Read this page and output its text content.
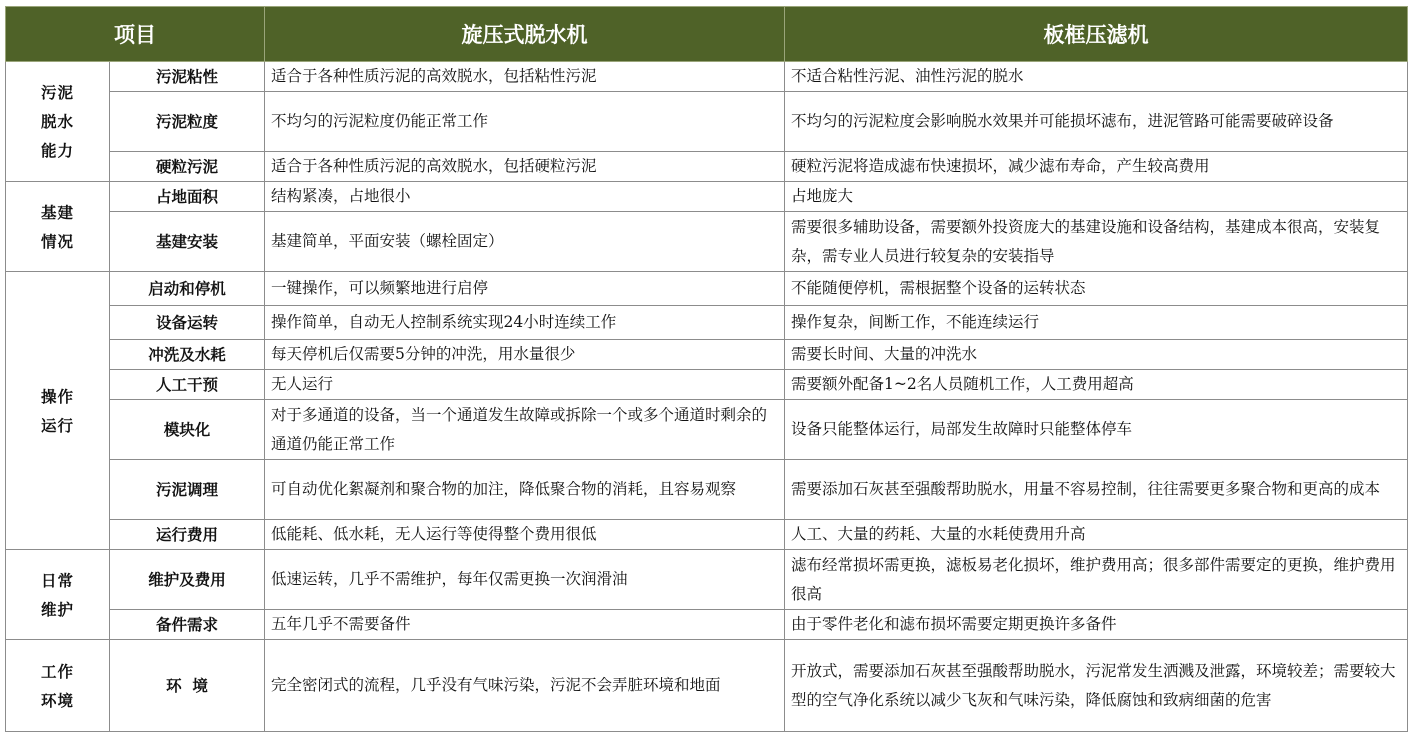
项目		旋压式脱水机	板框压滤机
污泥
脱水
能力	污泥粘性	适合于各种性质污泥的高效脱水，包括粘性污泥	不适合粘性污泥、油性污泥的脱水
	污泥粒度	不均匀的污泥粒度仍能正常工作	不均匀的污泥粒度会影响脱水效果并可能损坏滤布，进泥管路可能需要破碎设备
	硬粒污泥	适合于各种性质污泥的高效脱水，包括硬粒污泥	硬粒污泥将造成滤布快速损坏，减少滤布寿命，产生较高费用
基建
情况	占地面积	结构紧凑，占地很小	占地庞大
	基建安装	基建简单，平面安装（螺栓固定）	需要很多辅助设备，需要额外投资庞大的基建设施和设备结构，基建成本很高，安装复杂，需专业人员进行较复杂的安装指导
操作
运行	启动和停机	一键操作，可以频繁地进行启停	不能随便停机，需根据整个设备的运转状态
	设备运转	操作简单，自动无人控制系统实现24小时连续工作	操作复杂，间断工作，不能连续运行
	冲洗及水耗	每天停机后仅需要5分钟的冲洗，用水量很少	需要长时间、大量的冲洗水
	人工干预	无人运行	需要额外配备1~2名人员随机工作，人工费用超高
	模块化	对于多通道的设备，当一个通道发生故障或拆除一个或多个通道时剩余的通道仍能正常工作	设备只能整体运行，局部发生故障时只能整体停车
	污泥调理	可自动优化絮凝剂和聚合物的加注，降低聚合物的消耗，且容易观察	需要添加石灰甚至强酸帮助脱水，用量不容易控制，往往需要更多聚合物和更高的成本
	运行费用	低能耗、低水耗，无人运行等使得整个费用很低	人工、大量的药耗、大量的水耗使费用升高
日常
维护	维护及费用	低速运转，几乎不需维护，每年仅需更换一次润滑油	滤布经常损坏需更换，滤板易老化损坏，维护费用高；很多部件需要定的更换，维护费用很高
	备件需求	五年几乎不需要备件	由于零件老化和滤布损坏需要定期更换许多备件
工作
环境	环  境	完全密闭式的流程，几乎没有气味污染，污泥不会弄脏环境和地面	开放式，需要添加石灰甚至强酸帮助脱水，污泥常发生洒溅及泄露，环境较差；需要较大型的空气净化系统以减少飞灰和气味污染，降低腐蚀和致病细菌的危害
